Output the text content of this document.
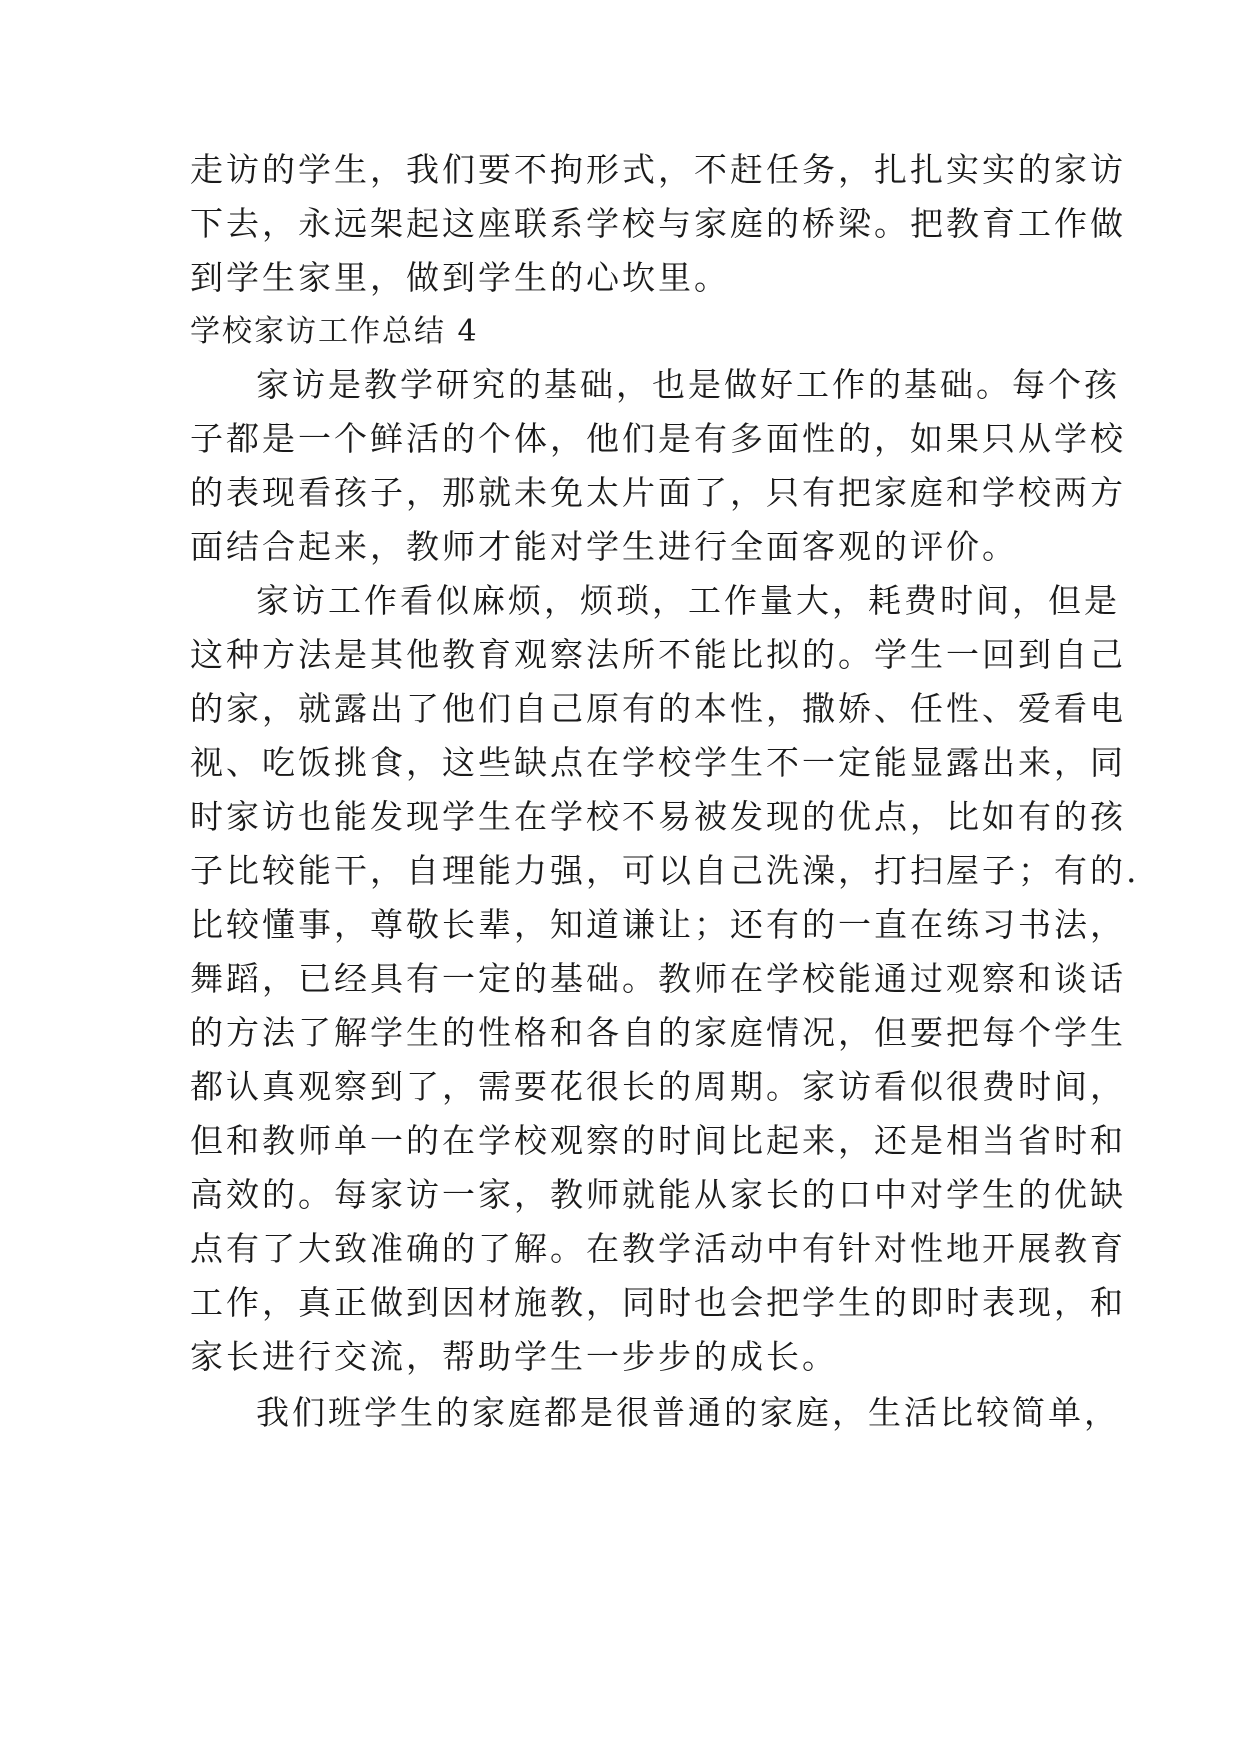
走访的学生，我们要不拘形式，不赶任务，扎扎实实的家访
下去，永远架起这座联系学校与家庭的桥梁。把教育工作做
到学生家里，做到学生的心坎里。
学校家访工作总结 4
家访是教学研究的基础，也是做好工作的基础。每个孩
子都是一个鲜活的个体，他们是有多面性的，如果只从学校
的表现看孩子，那就未免太片面了，只有把家庭和学校两方
面结合起来，教师才能对学生进行全面客观的评价。
家访工作看似麻烦，烦琐，工作量大，耗费时间，但是
这种方法是其他教育观察法所不能比拟的。学生一回到自己
的家，就露出了他们自己原有的本性，撒娇、任性、爱看电
视、吃饭挑食，这些缺点在学校学生不一定能显露出来，同
时家访也能发现学生在学校不易被发现的优点，比如有的孩
子比较能干，自理能力强，可以自己洗澡，打扫屋子；有的.
比较懂事，尊敬长辈，知道谦让；还有的一直在练习书法，
舞蹈，已经具有一定的基础。教师在学校能通过观察和谈话
的方法了解学生的性格和各自的家庭情况，但要把每个学生
都认真观察到了，需要花很长的周期。家访看似很费时间，
但和教师单一的在学校观察的时间比起来，还是相当省时和
高效的。每家访一家，教师就能从家长的口中对学生的优缺
点有了大致准确的了解。在教学活动中有针对性地开展教育
工作，真正做到因材施教，同时也会把学生的即时表现，和
家长进行交流，帮助学生一步步的成长。
我们班学生的家庭都是很普通的家庭，生活比较简单，
